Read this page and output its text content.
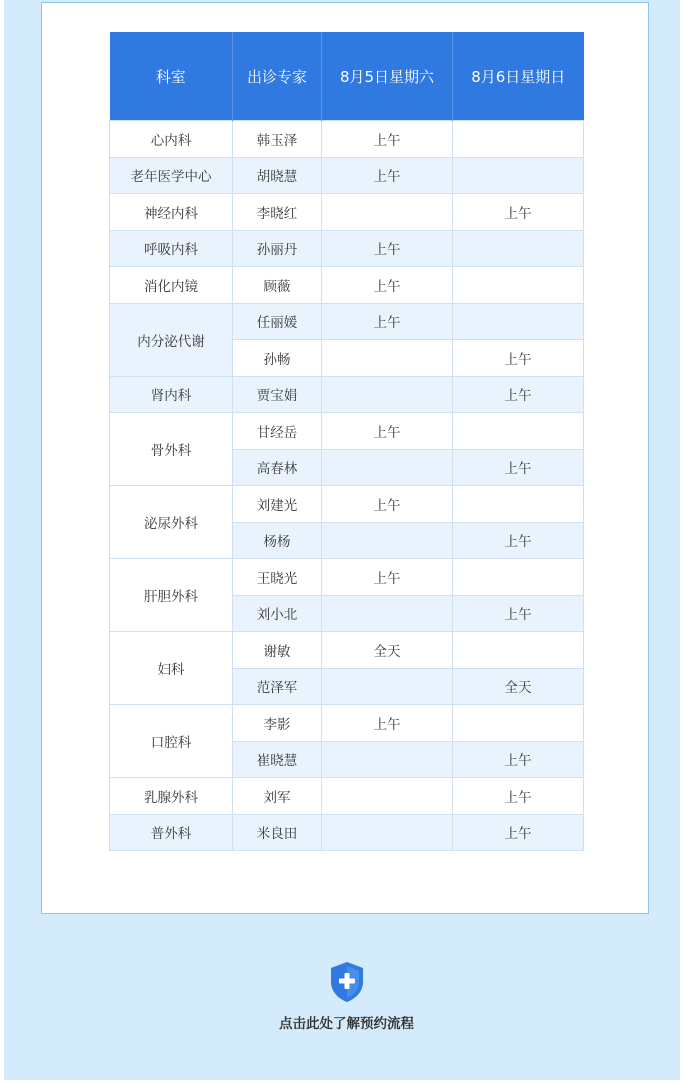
科室	出诊专家	8月5日星期六	8月6日星期日
心内科	韩玉泽	上午	
老年医学中心	胡晓慧	上午	
神经内科	李晓红		上午
呼吸内科	孙丽丹	上午	
消化内镜	顾薇	上午	
内分泌代谢	任丽媛	上午	
	孙畅		上午
肾内科	贾宝娟		上午
骨外科	甘经岳	上午	
	高春林		上午
泌尿外科	刘建光	上午	
	杨杨		上午
肝胆外科	王晓光	上午	
	刘小北		上午
妇科	谢敏	全天	
	范泽军		全天
口腔科	李影	上午	
	崔晓慧		上午
乳腺外科	刘军		上午
普外科	米良田		上午
点击此处了解预约流程
